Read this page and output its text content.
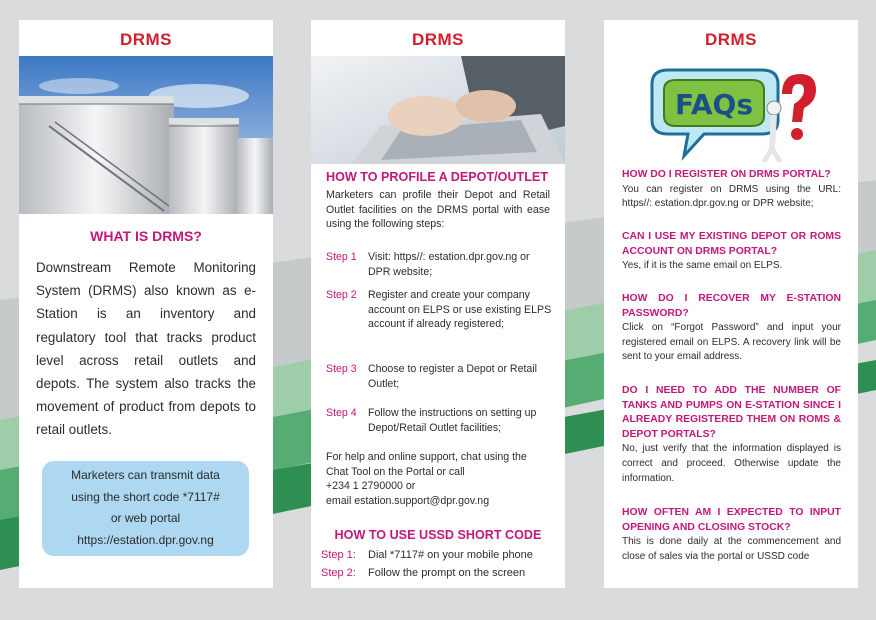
DRMS
WHAT IS DRMS?
Downstream Remote Monitoring System (DRMS) also known as e-Station is an inventory and regulatory tool that tracks product level across retail outlets and depots. The system also tracks the movement of product from depots to retail outlets.
Marketers can transmit data
using the short code *7117#
or web portal
https://estation.dpr.gov.ng
DRMS
HOW TO PROFILE A DEPOT/OUTLET
Marketers can profile their Depot and Retail Outlet facilities on the DRMS portal with ease using the following steps:
Step 1 Visit: https//: estation.dpr.gov.ng or DPR website;
Step 2 Register and create your company account on ELPS or use existing ELPS account if already registered;
Step 3 Choose to register a Depot or Retail Outlet;
Step 4 Follow the instructions on setting up Depot/Retail Outlet facilities;
For help and online support, chat using the
Chat Tool on the Portal or call
+234 1 2790000 or
email estation.support@dpr.gov.ng
HOW TO USE USSD SHORT CODE
Step 1: Dial *7117# on your mobile phone
Step 2: Follow the prompt on the screen
DRMS
FAQs
HOW DO I REGISTER ON DRMS PORTAL?
You can register on DRMS using the URL: https//: estation.dpr.gov.ng or DPR website;
CAN I USE MY EXISTING DEPOT OR ROMS ACCOUNT ON DRMS PORTAL?
Yes, if it is the same email on ELPS.
HOW DO I RECOVER MY E-STATION PASSWORD?
Click on “Forgot Password” and input your registered email on ELPS. A recovery link will be sent to your email address.
DO I NEED TO ADD THE NUMBER OF TANKS AND PUMPS ON E-STATION SINCE I ALREADY REGISTERED THEM ON ROMS & DEPOT PORTALS?
No, just verify that the information displayed is correct and proceed. Otherwise update the information.
HOW OFTEN AM I EXPECTED TO INPUT OPENING AND CLOSING STOCK?
This is done daily at the commencement and close of sales via the portal or USSD code
